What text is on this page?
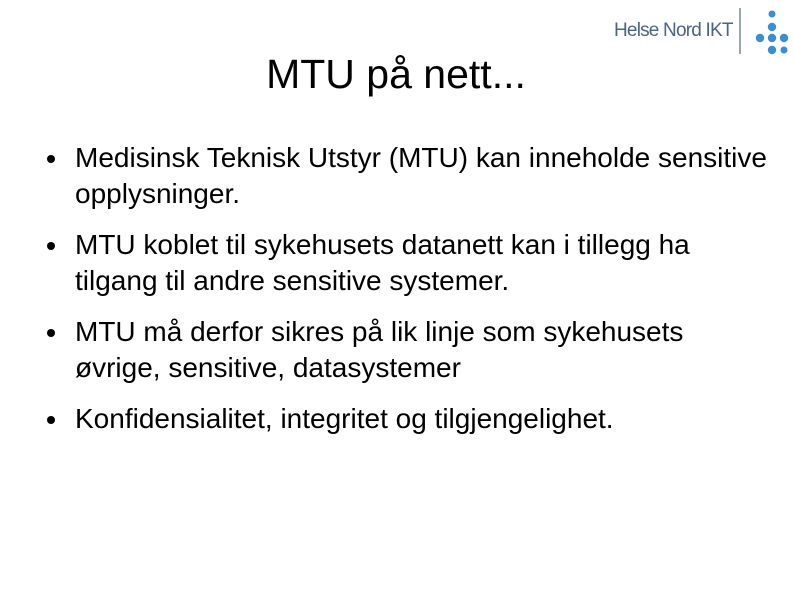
Helse Nord IKT
MTU på nett...
Medisinsk Teknisk Utstyr (MTU) kan inneholde sensitive opplysninger.
MTU koblet til sykehusets datanett kan i tillegg ha tilgang til andre sensitive systemer.
MTU må derfor sikres på lik linje som sykehusets øvrige, sensitive, datasystemer
Konfidensialitet, integritet og tilgjengelighet.
